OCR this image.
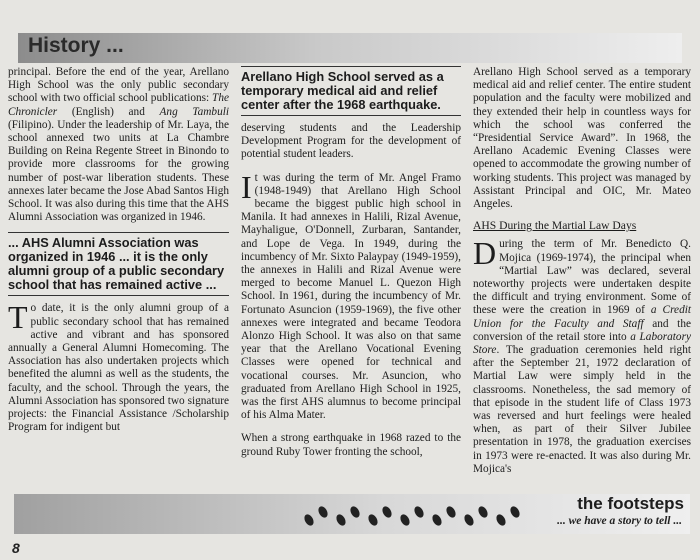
History ...

principal. Before the end of the year, Arellano High School was the only public secondary school with two official school publications: The Chronicler (English) and Ang Tambuli (Filipino). Under the leadership of Mr. Laya, the school annexed two units at La Chambre Building on Reina Regente Street in Binondo to provide more classrooms for the growing number of post-war liberation students. These annexes later became the Jose Abad Santos High School. It was also during this time that the AHS Alumni Association was organized in 1946.

... AHS Alumni Association was organized in 1946 ... it is the only alumni group of a public secondary school that has remained active ...

To date, it is the only alumni group of a public secondary school that has remained active and vibrant and has sponsored annually a General Alumni Homecoming. The Association has also undertaken projects which benefited the alumni as well as the students, the faculty, and the school. Through the years, the Alumni Association has sponsored two signature projects: the Financial Assistance /Scholarship Program for indigent but

Arellano High School served as a temporary medical aid and relief center after the 1968 earthquake.

deserving students and the Leadership Development Program for the development of potential student leaders.

It was during the term of Mr. Angel Framo (1948-1949) that Arellano High School became the biggest public high school in Manila. It had annexes in Halili, Rizal Avenue, Mayhaligue, O'Donnell, Zurbaran, Santander, and Lope de Vega. In 1949, during the incumbency of Mr. Sixto Palaypay (1949-1959), the annexes in Halili and Rizal Avenue were merged to become Manuel L. Quezon High School. In 1961, during the incumbency of Mr. Fortunato Asuncion (1959-1969), the five other annexes were integrated and became Teodora Alonzo High School. It was also on that same year that the Arellano Vocational Evening Classes were opened for technical and vocational courses. Mr. Asuncion, who graduated from Arellano High School in 1925, was the first AHS alumnus to become principal of his Alma Mater.

When a strong earthquake in 1968 razed to the ground Ruby Tower fronting the school,

Arellano High School served as a temporary medical aid and relief center. The entire student population and the faculty were mobilized and they extended their help in countless ways for which the school was conferred the “Presidential Service Award”. In 1968, the Arellano Academic Evening Classes were opened to accommodate the growing number of working students. This project was managed by Assistant Principal and OIC, Mr. Mateo Angeles.

AHS During the Martial Law Days

During the term of Mr. Benedicto Q. Mojica (1969-1974), the principal when “Martial Law” was declared, several noteworthy projects were undertaken despite the difficult and trying environment. Some of these were the creation in 1969 of a Credit Union for the Faculty and Staff and the conversion of the retail store into a Laboratory Store. The graduation ceremonies held right after the September 21, 1972 declaration of Martial Law were simply held in the classrooms. Nonetheless, the sad memory of that episode in the student life of Class 1973 was reversed and hurt feelings were healed when, as part of their Silver Jubilee presentation in 1978, the graduation exercises in 1973 were re-enacted. It was also during Mr. Mojica's

the footsteps
... we have a story to tell ...
8
